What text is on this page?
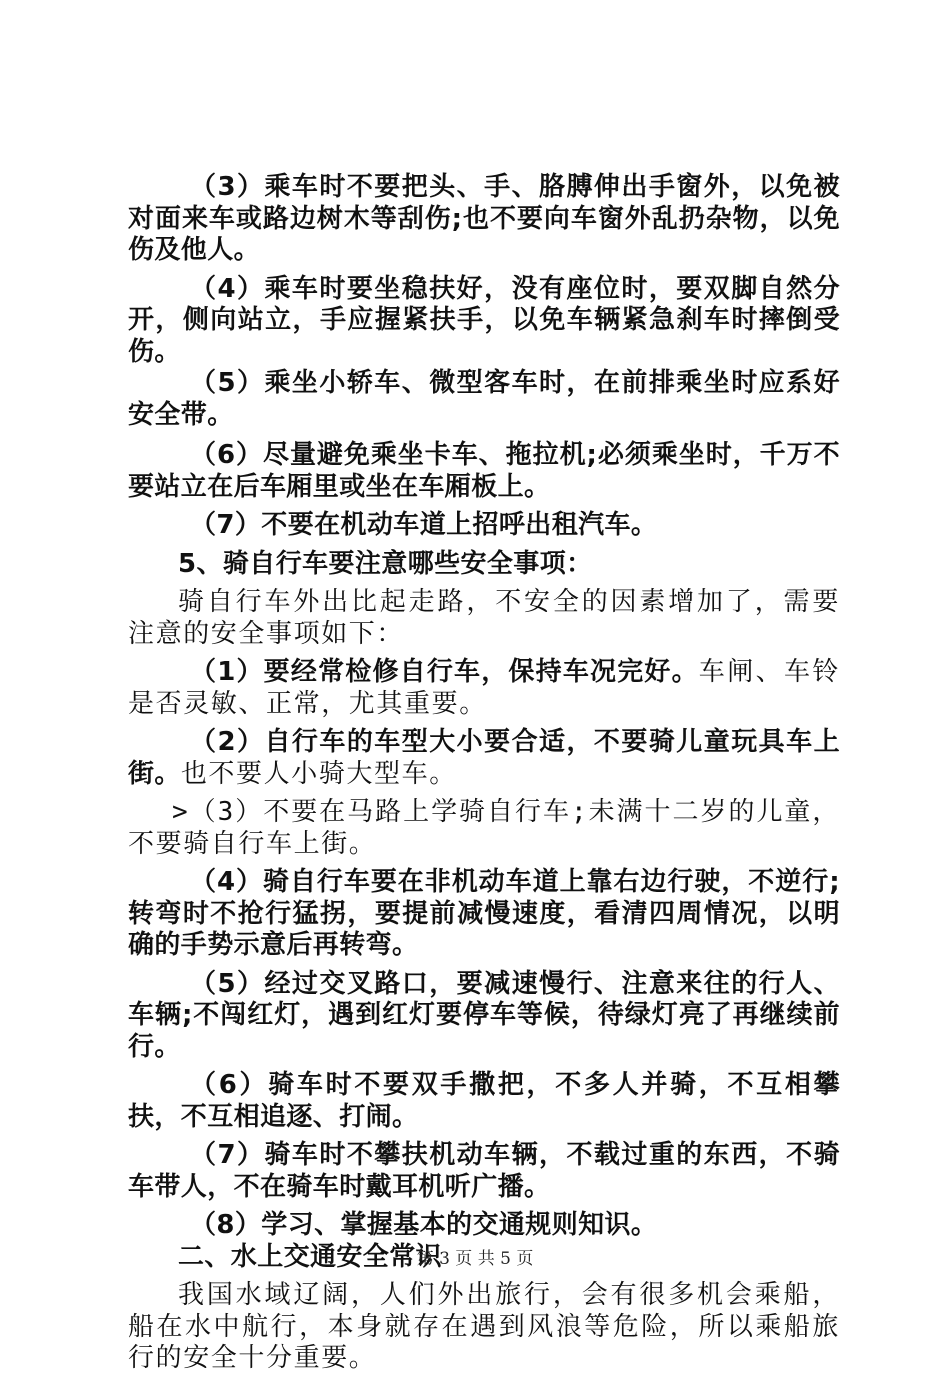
（3）乘车时不要把头、手、胳膊伸出手窗外，以免被对面来车或路边树木等刮伤;也不要向车窗外乱扔杂物，以免伤及他人。

（4）乘车时要坐稳扶好，没有座位时，要双脚自然分开，侧向站立，手应握紧扶手，以免车辆紧急刹车时摔倒受伤。

（5）乘坐小轿车、微型客车时，在前排乘坐时应系好安全带。

（6）尽量避免乘坐卡车、拖拉机;必须乘坐时，千万不要站立在后车厢里或坐在车厢板上。

（7）不要在机动车道上招呼出租汽车。

5、骑自行车要注意哪些安全事项：

骑自行车外出比起走路，不安全的因素增加了，需要注意的安全事项如下：

（1）要经常检修自行车，保持车况完好。车闸、车铃是否灵敏、正常，尤其重要。

（2）自行车的车型大小要合适，不要骑儿童玩具车上街。也不要人小骑大型车。

>（3）不要在马路上学骑自行车;未满十二岁的儿童，不要骑自行车上街。

（4）骑自行车要在非机动车道上靠右边行驶，不逆行;转弯时不抢行猛拐，要提前减慢速度，看清四周情况，以明确的手势示意后再转弯。

（5）经过交叉路口，要减速慢行、注意来往的行人、车辆;不闯红灯，遇到红灯要停车等候，待绿灯亮了再继续前行。

（6）骑车时不要双手撒把，不多人并骑，不互相攀扶，不互相追逐、打闹。

（7）骑车时不攀扶机动车辆，不载过重的东西，不骑车带人，不在骑车时戴耳机听广播。

（8）学习、掌握基本的交通规则知识。

二、水上交通安全常识

我国水域辽阔，人们外出旅行，会有很多机会乘船，船在水中航行，本身就存在遇到风浪等危险，所以乘船旅行的安全十分重要。

第 3 页 共 5 页
